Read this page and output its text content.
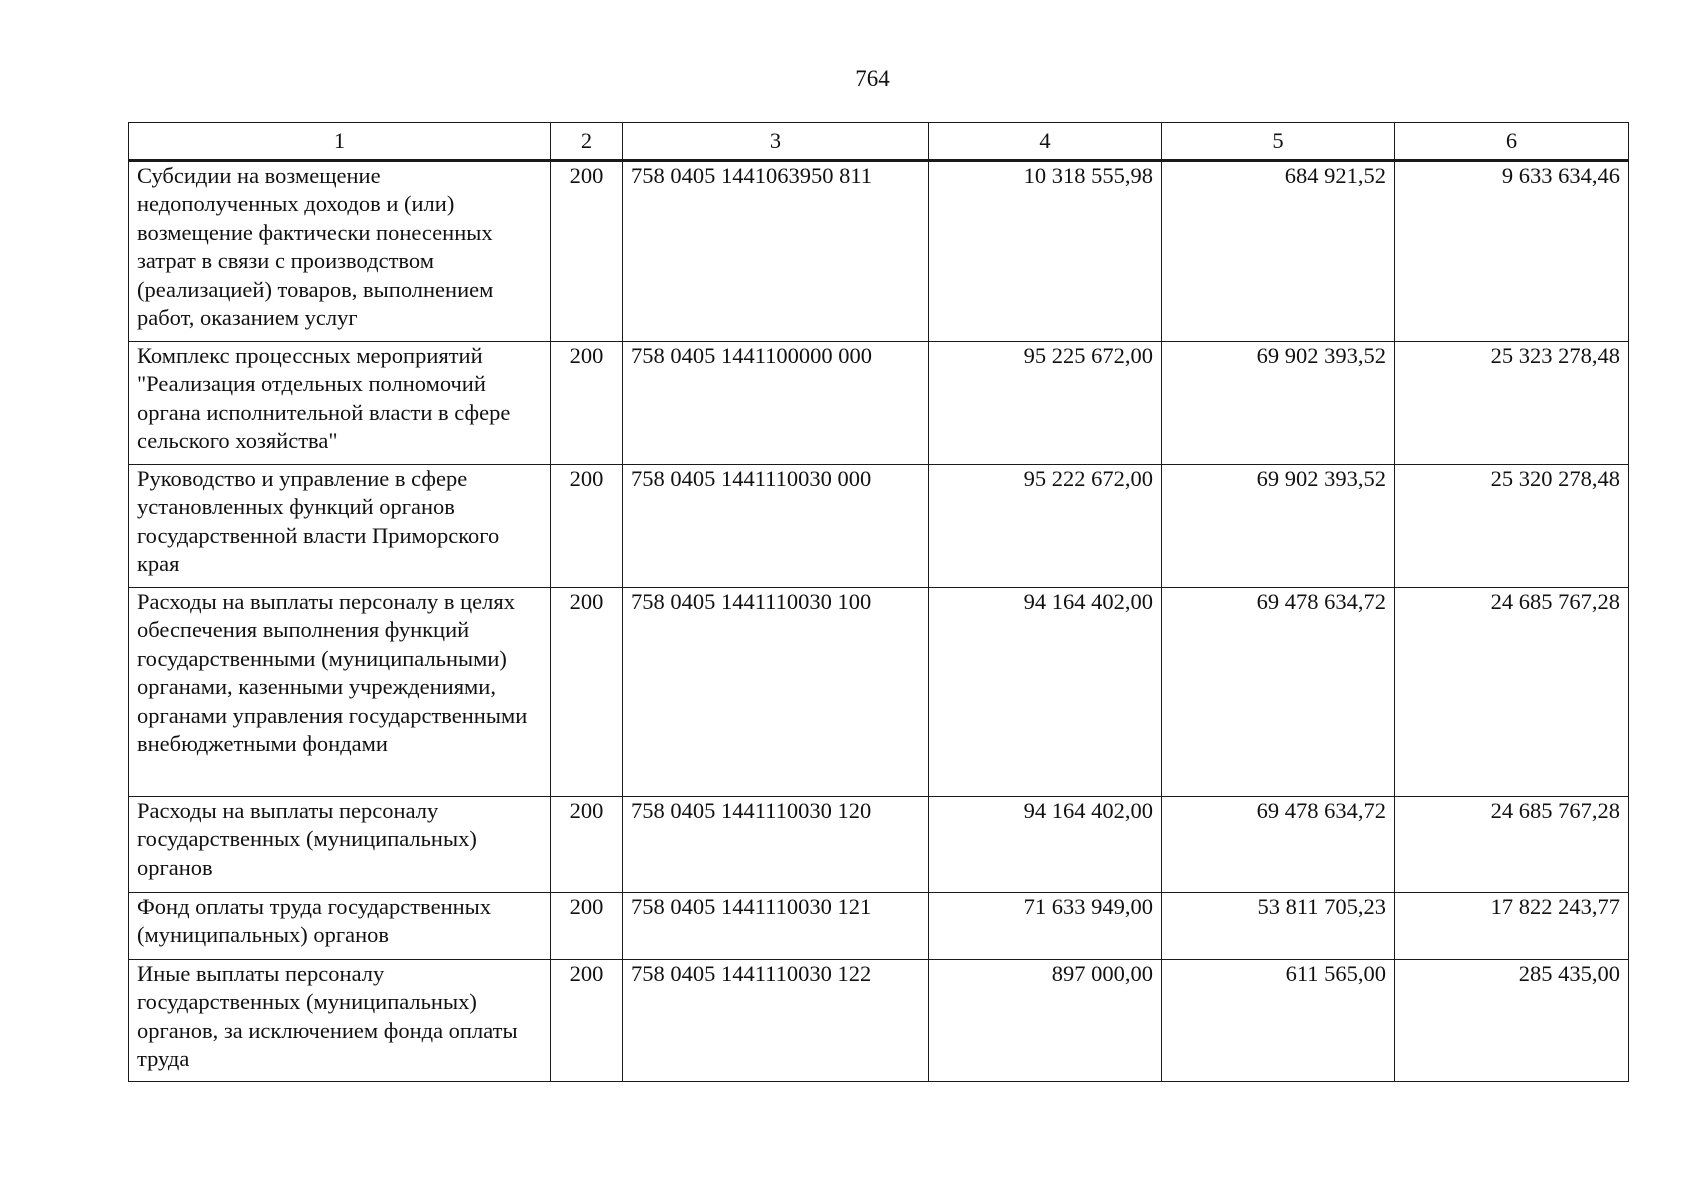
764
1	2	3	4	5	6
Субсидии на возмещение недополученных доходов и (или) возмещение фактически понесенных затрат в связи с производством (реализацией) товаров, выполнением работ, оказанием услуг	200	758 0405 1441063950 811	10 318 555,98	684 921,52	9 633 634,46
Комплекс процессных мероприятий "Реализация отдельных полномочий органа исполнительной власти в сфере сельского хозяйства"	200	758 0405 1441100000 000	95 225 672,00	69 902 393,52	25 323 278,48
Руководство и управление в сфере установленных функций органов государственной власти Приморского края	200	758 0405 1441110030 000	95 222 672,00	69 902 393,52	25 320 278,48
Расходы на выплаты персоналу в целях обеспечения выполнения функций государственными (муниципальными) органами, казенными учреждениями, органами управления государственными внебюджетными фондами	200	758 0405 1441110030 100	94 164 402,00	69 478 634,72	24 685 767,28
Расходы на выплаты персоналу государственных (муниципальных) органов	200	758 0405 1441110030 120	94 164 402,00	69 478 634,72	24 685 767,28
Фонд оплаты труда государственных (муниципальных) органов	200	758 0405 1441110030 121	71 633 949,00	53 811 705,23	17 822 243,77
Иные выплаты персоналу государственных (муниципальных) органов, за исключением фонда оплаты труда	200	758 0405 1441110030 122	897 000,00	611 565,00	285 435,00
